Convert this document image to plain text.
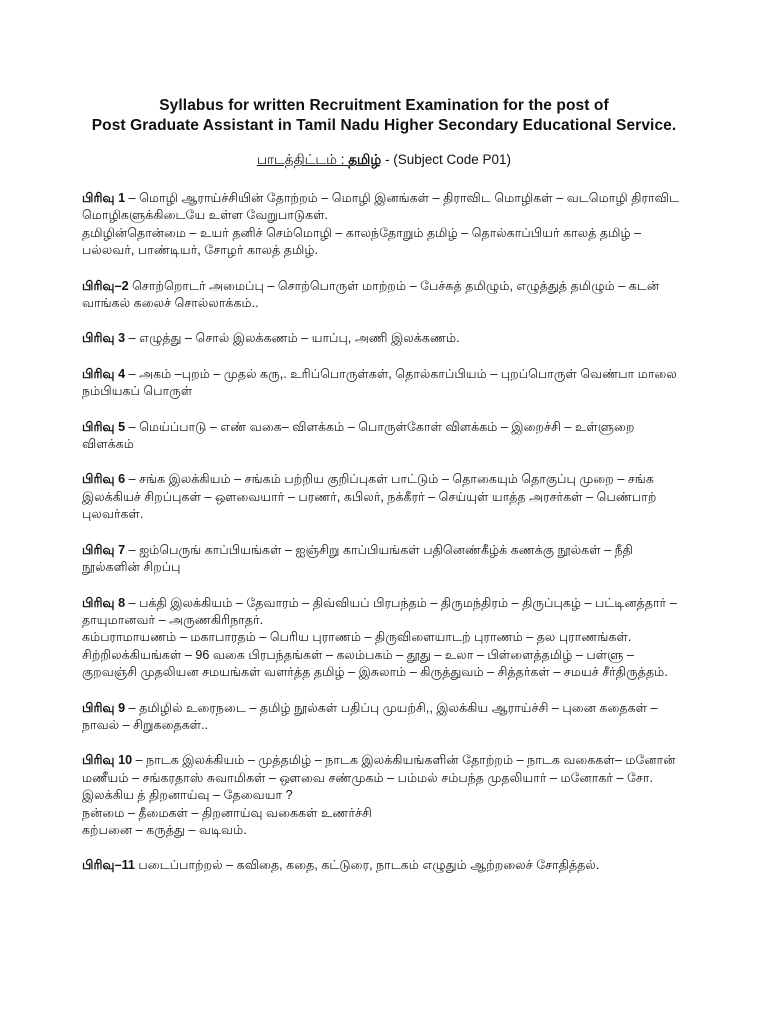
Syllabus for written Recruitment Examination for the post of
Post Graduate Assistant in Tamil Nadu Higher Secondary Educational Service.
பாடத்திட்டம் : தமிழ் - (Subject Code P01)
பிரிவு 1 – மொழி ஆராய்ச்சியின் தோற்றம் – மொழி இனங்கள் – திராவிட மொழிகள் – வடமொழி திராவிட
மொழிகளுக்கிடையே உள்ள வேறுபாடுகள்.
தமிழின்தொன்மை – உயர் தனிச் செம்மொழி – காலந்தோறும் தமிழ் – தொல்காப்பியர் காலத் தமிழ் –
பல்லவர், பாண்டியர், சோழர் காலத் தமிழ்.
பிரிவு–2 சொற்றொடர் அமைப்பு – சொற்பொருள் மாற்றம் – பேச்சுத் தமிழும், எழுத்துத் தமிழும் – கடன்
வாங்கல் கலைச் சொல்லாக்கம்..
பிரிவு 3 – எழுத்து – சொல் இலக்கணம் – யாப்பு, அணி இலக்கணம்.
பிரிவு 4 – அகம் –புறம் – முதல் கரு,. உரிப்பொருள்கள், தொல்காப்பியம் – புறப்பொருள் வெண்பா மாலை
நம்பியகப் பொருள்
பிரிவு 5 – மெய்ப்பாடு – எண் வகை– விளக்கம் – பொருள்கோள் விளக்கம் – இறைச்சி – உள்ளுறை
விளக்கம்
பிரிவு 6 – சங்க இலக்கியம் – சங்கம் பற்றிய குறிப்புகள் பாட்டும் – தொகையும் தொகுப்பு முறை – சங்க
இலக்கியச் சிறப்புகள் – ஔவையார் – பரணர், கபிலர், நக்கீரர் – செய்யுள் யாத்த அரசர்கள் – பெண்பாற்
புலவர்கள்.
பிரிவு 7 – ஐம்பெருங் காப்பியங்கள் – ஐஞ்சிறு காப்பியங்கள் பதினெண்கீழ்க் கணக்கு நூல்கள் – நீதி
நூல்களின் சிறப்பு
பிரிவு 8 – பக்தி இலக்கியம் – தேவாரம் – திவ்வியப் பிரபந்தம் – திருமந்திரம் – திருப்புகழ் – பட்டினத்தார் –
தாயுமானவர் – அருணகிரிநாதர்.
கம்பராமாயணம் – மகாபாரதம் – பெரிய புராணம் – திருவிளையாடற் புராணம் – தல புராணங்கள்.
சிற்றிலக்கியங்கள் – 96 வகை பிரபந்தங்கள் – கலம்பகம் – தூது – உலா – பிள்ளைத்தமிழ் – பள்ளு –
குறவஞ்சி முதலியன சமயங்கள் வளர்த்த தமிழ் – இசுலாம் – கிருத்துவம் – சித்தர்கள் – சமயச் சீர்திருத்தம்.
பிரிவு 9 – தமிழில் உரைநடை – தமிழ் நூல்கள் பதிப்பு முயற்சி,, இலக்கிய ஆராய்ச்சி – புனை கதைகள் –
நாவல் – சிறுகதைகள்..
பிரிவு 10 – நாடக இலக்கியம் – முத்தமிழ் – நாடக இலக்கியங்களின் தோற்றம் – நாடக வகைகள்– மனோன்
மணீயம் – சங்கரதாஸ் சுவாமிகள் – ஔவை சண்முகம் – பம்மல் சம்பந்த முதலியார் – மனோகர் – சோ.
இலக்கிய த் திறனாய்வு – தேவையா ?
நன்மை – தீமைகள் – திறனாய்வு வகைகள் உணர்ச்சி
கற்பனை – கருத்து – வடிவம்.
பிரிவு–11 படைப்பாற்றல் – கவிதை, கதை, கட்டுரை, நாடகம் எழுதும் ஆற்றலைச் சோதித்தல்.
